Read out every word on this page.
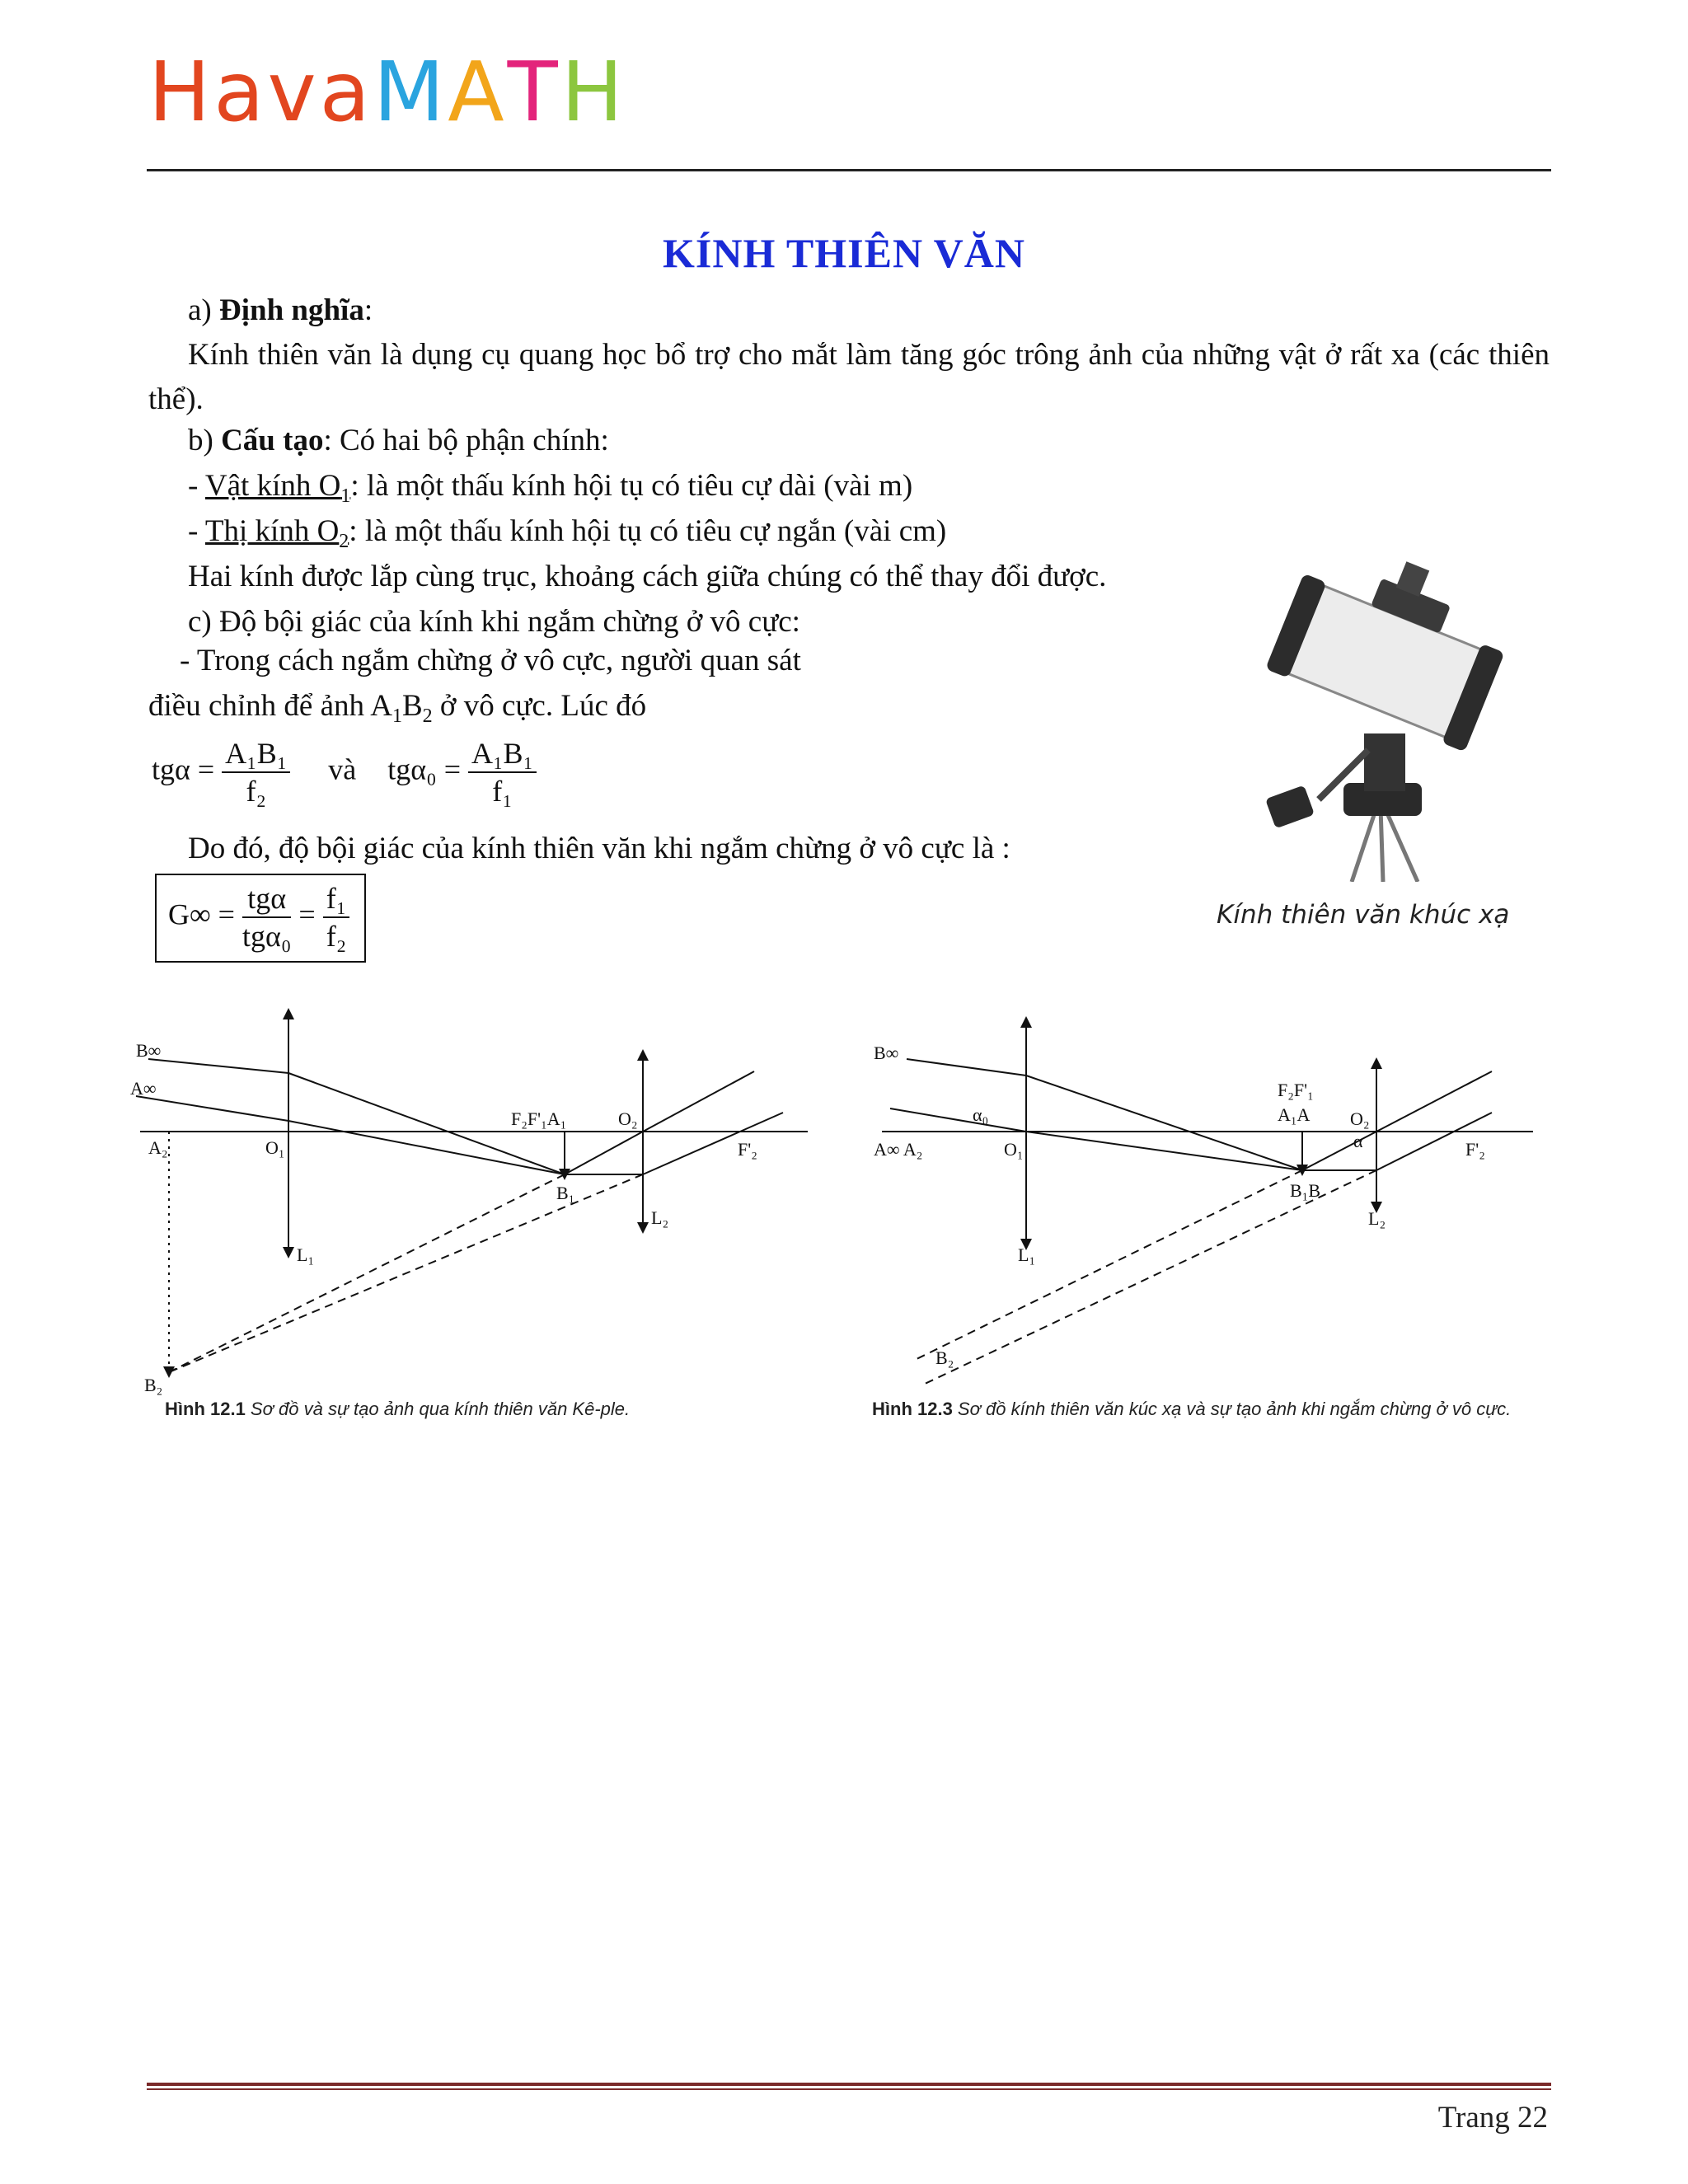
HavaMATH
KÍNH THIÊN VĂN
a) Định nghĩa:
Kính thiên văn là dụng cụ quang học bổ trợ cho mắt làm tăng góc trông ảnh của những vật ở rất xa (các thiên thể).
b) Cấu tạo: Có hai bộ phận chính:
- Vật kính $O_1$: là một thấu kính hội tụ có tiêu cự dài (vài m)
- Thị kính $O_2$: là một thấu kính hội tụ có tiêu cự ngắn (vài cm)
Hai kính được lắp cùng trục, khoảng cách giữa chúng có thể thay đổi được.
c) Độ bội giác của kính khi ngắm chừng ở vô cực:
- Trong cách ngắm chừng ở vô cực, người quan sát
điều chỉnh để ảnh $A_1B_2$ ở vô cực. Lúc đó
$tg\alpha = \frac{\text{A₁B₁}}{\text{f₂}}$ và $tg\alpha_0 = \frac{\text{A₁B₁}}{\text{f₁}}$
Do đó, độ bội giác của kính thiên văn khi ngắm chừng ở vô cực là :
$G\infty = \frac{\text{tgα}}{\text{tgα₀}} = \frac{\text{f₁}}{\text{f₂}}$	Kính thiên văn khúc xạ
B∞
A∞
A₂	O₁
L₁
F₂F'₁A₁	O₂
F'₂
B₁
L₂
B₂
Hình 12.1 Sơ đồ và sự tạo ảnh qua kính thiên văn Kê-ple.
B∞
α₀
A∞ A₂	O₁
L₁
F₂F'₁
A₁A O₂
α	F'₂
B₁B
L₂
B₂
Hình 12.3 Sơ đồ kính thiên văn kúc xạ và sự tạo ảnh khi ngắm chừng ở vô cực.
Trang 22
